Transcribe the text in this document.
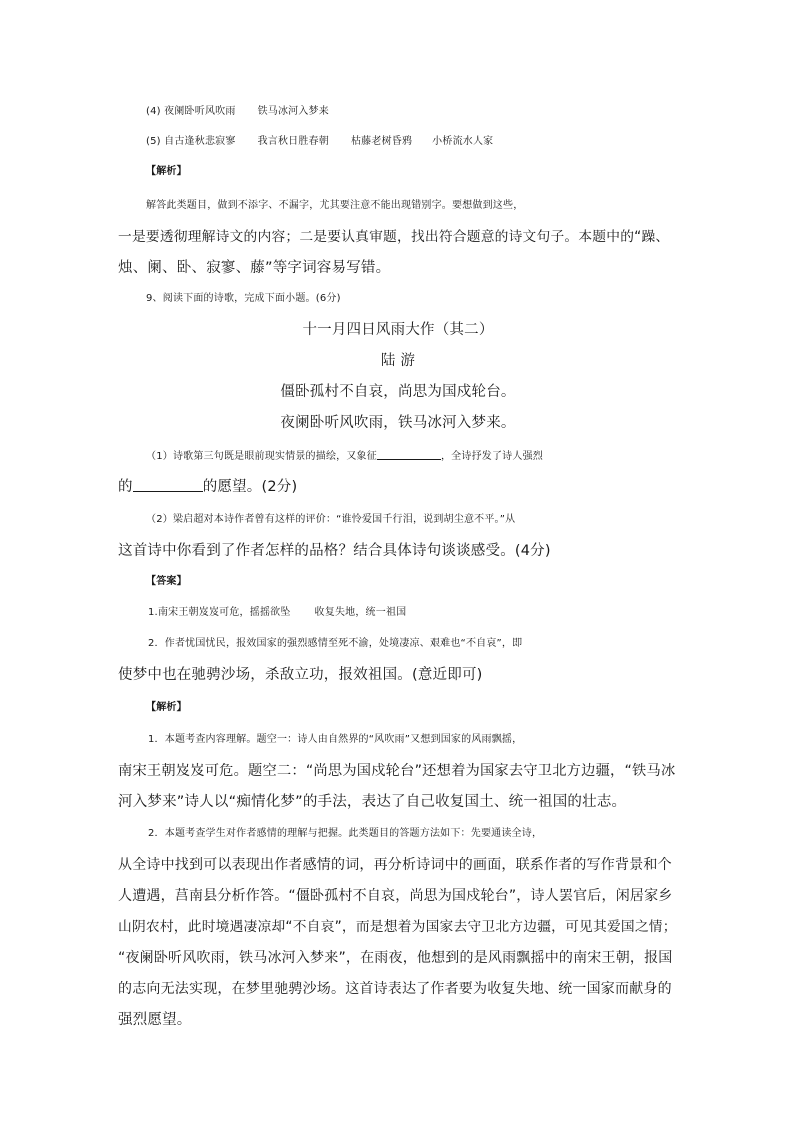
(4) 夜阑卧听风吹雨 铁马冰河入梦来
(5) 自古逢秋悲寂寥 我言秋日胜春朝 枯藤老树昏鸦 小桥流水人家
【解析】
解答此类题目，做到不添字、不漏字，尤其要注意不能出现错别字。要想做到这些，
一是要透彻理解诗文的内容；二是要认真审题，找出符合题意的诗文句子。本题中的“躁、
烛、阑、卧、寂寥、藤”等字词容易写错。
9、阅读下面的诗歌，完成下面小题。(6分)
十一月四日风雨大作（其二）
陆 游
僵卧孤村不自哀，尚思为国戍轮台。
夜阑卧听风吹雨，铁马冰河入梦来。
（1）诗歌第三句既是眼前现实情景的描绘，又象征	，全诗抒发了诗人强烈
的	的愿望。(2分)
（2）梁启超对本诗作者曾有这样的评价：“谁怜爱国千行泪，说到胡尘意不平。”从
这首诗中你看到了作者怎样的品格？结合具体诗句谈谈感受。(4分)
【答案】
1.南宋王朝岌岌可危，摇摇欲坠 收复失地，统一祖国
2．作者忧国忧民，报效国家的强烈感情至死不渝，处境凄凉、艰难也“不自哀”，即
使梦中也在驰骋沙场，杀敌立功，报效祖国。(意近即可)
【解析】
1．本题考查内容理解。题空一：诗人由自然界的“风吹雨”又想到国家的风雨飘摇，
南宋王朝岌岌可危。题空二：“尚思为国戍轮台”还想着为国家去守卫北方边疆，“铁马冰
河入梦来”诗人以“痴情化梦”的手法，表达了自己收复国土、统一祖国的壮志。
2．本题考查学生对作者感情的理解与把握。此类题目的答题方法如下：先要通读全诗，
从全诗中找到可以表现出作者感情的词，再分析诗词中的画面，联系作者的写作背景和个
人遭遇，莒南县分析作答。“僵卧孤村不自哀，尚思为国戍轮台”，诗人罢官后，闲居家乡
山阴农村，此时境遇凄凉却“不自哀”，而是想着为国家去守卫北方边疆，可见其爱国之情；
“夜阑卧听风吹雨，铁马冰河入梦来”，在雨夜，他想到的是风雨飘摇中的南宋王朝，报国
的志向无法实现，在梦里驰骋沙场。这首诗表达了作者要为收复失地、统一国家而献身的
强烈愿望。
